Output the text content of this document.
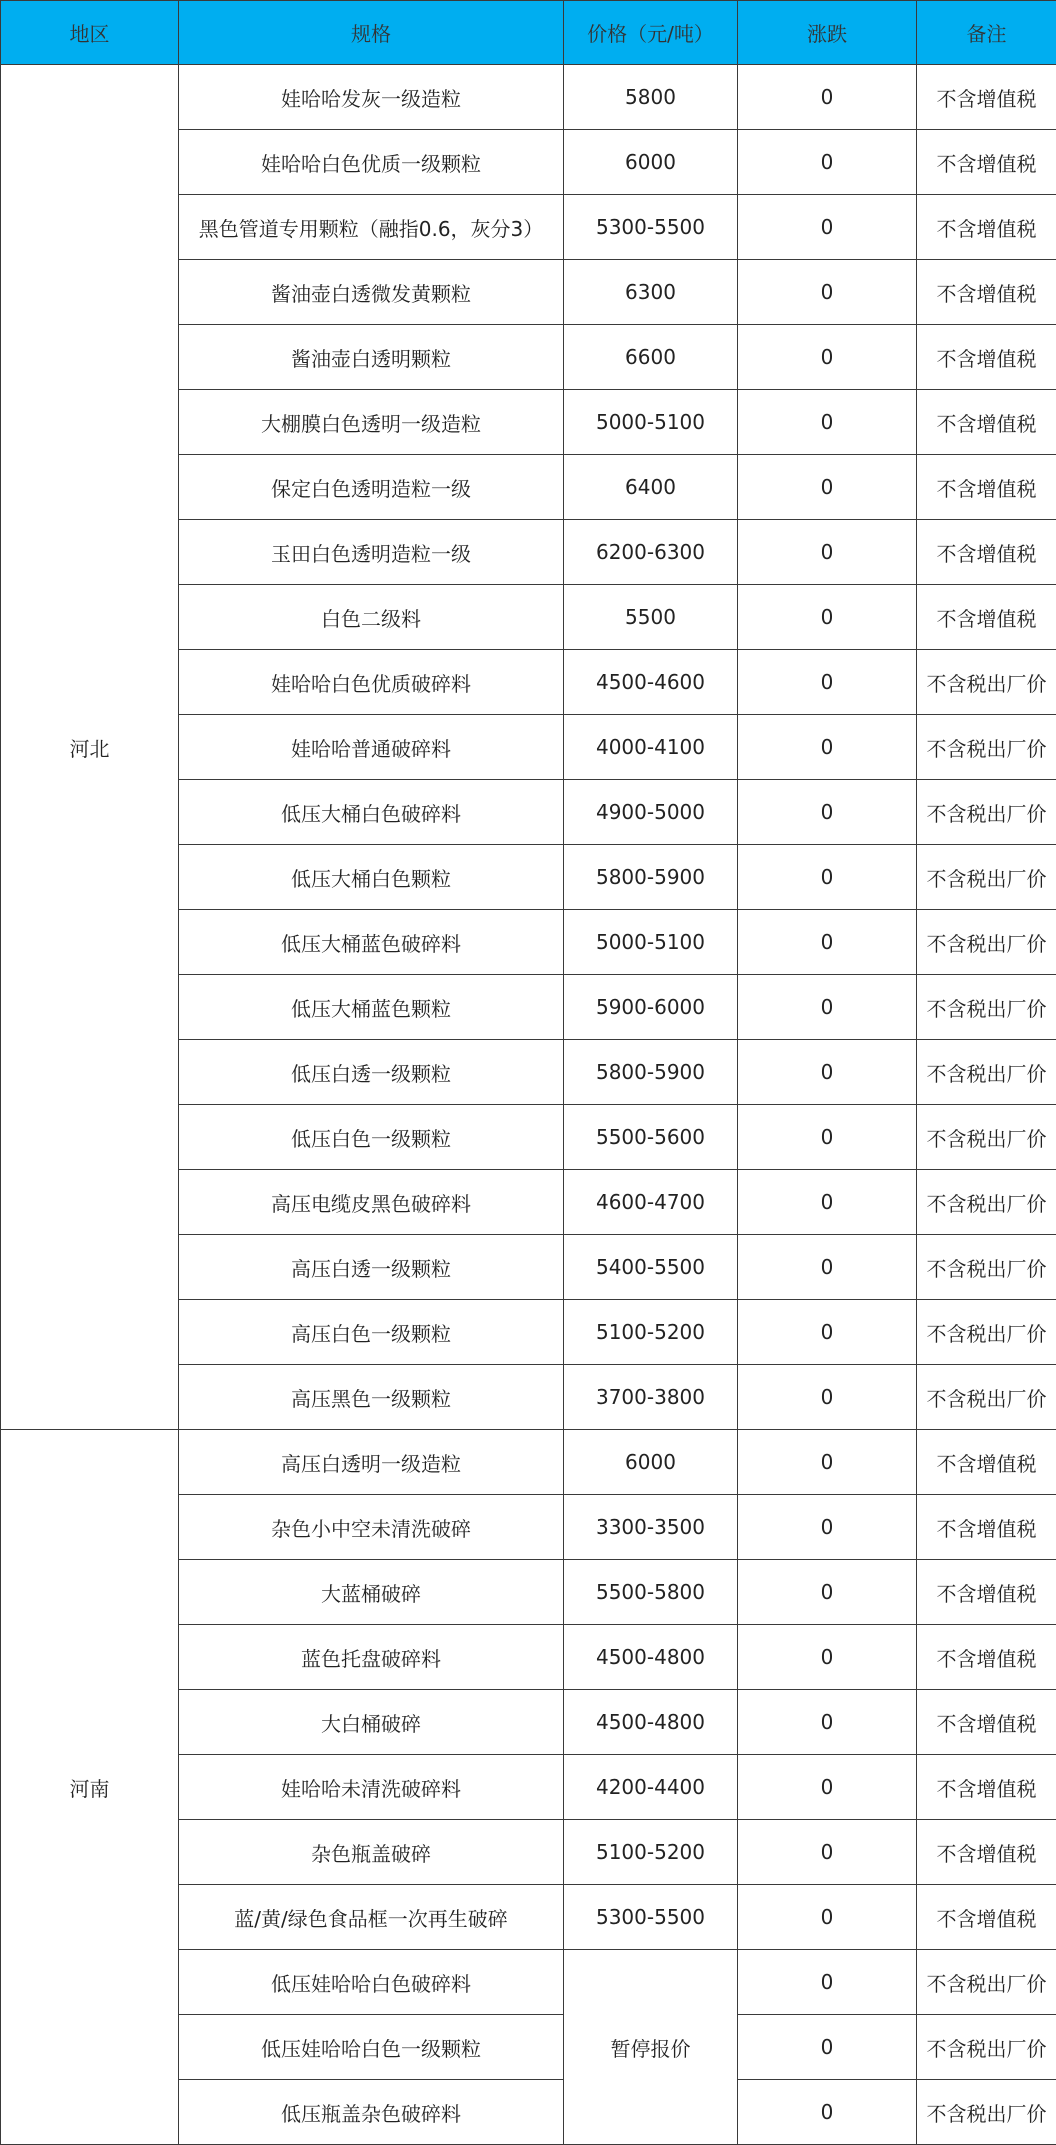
地区	规格	价格（元/吨）	涨跌	备注
河北	娃哈哈发灰一级造粒	5800	0	不含增值税
	娃哈哈白色优质一级颗粒	6000	0	不含增值税
	黑色管道专用颗粒（融指0.6，灰分3）	5300-5500	0	不含增值税
	酱油壶白透微发黄颗粒	6300	0	不含增值税
	酱油壶白透明颗粒	6600	0	不含增值税
	大棚膜白色透明一级造粒	5000-5100	0	不含增值税
	保定白色透明造粒一级	6400	0	不含增值税
	玉田白色透明造粒一级	6200-6300	0	不含增值税
	白色二级料	5500	0	不含增值税
	娃哈哈白色优质破碎料	4500-4600	0	不含税出厂价
	娃哈哈普通破碎料	4000-4100	0	不含税出厂价
	低压大桶白色破碎料	4900-5000	0	不含税出厂价
	低压大桶白色颗粒	5800-5900	0	不含税出厂价
	低压大桶蓝色破碎料	5000-5100	0	不含税出厂价
	低压大桶蓝色颗粒	5900-6000	0	不含税出厂价
	低压白透一级颗粒	5800-5900	0	不含税出厂价
	低压白色一级颗粒	5500-5600	0	不含税出厂价
	高压电缆皮黑色破碎料	4600-4700	0	不含税出厂价
	高压白透一级颗粒	5400-5500	0	不含税出厂价
	高压白色一级颗粒	5100-5200	0	不含税出厂价
	高压黑色一级颗粒	3700-3800	0	不含税出厂价
河南	高压白透明一级造粒	6000	0	不含增值税
	杂色小中空未清洗破碎	3300-3500	0	不含增值税
	大蓝桶破碎	5500-5800	0	不含增值税
	蓝色托盘破碎料	4500-4800	0	不含增值税
	大白桶破碎	4500-4800	0	不含增值税
	娃哈哈未清洗破碎料	4200-4400	0	不含增值税
	杂色瓶盖破碎	5100-5200	0	不含增值税
	蓝/黄/绿色食品框一次再生破碎	5300-5500	0	不含增值税
	低压娃哈哈白色破碎料	暂停报价	0	不含税出厂价
	低压娃哈哈白色一级颗粒		0	不含税出厂价
	低压瓶盖杂色破碎料		0	不含税出厂价
